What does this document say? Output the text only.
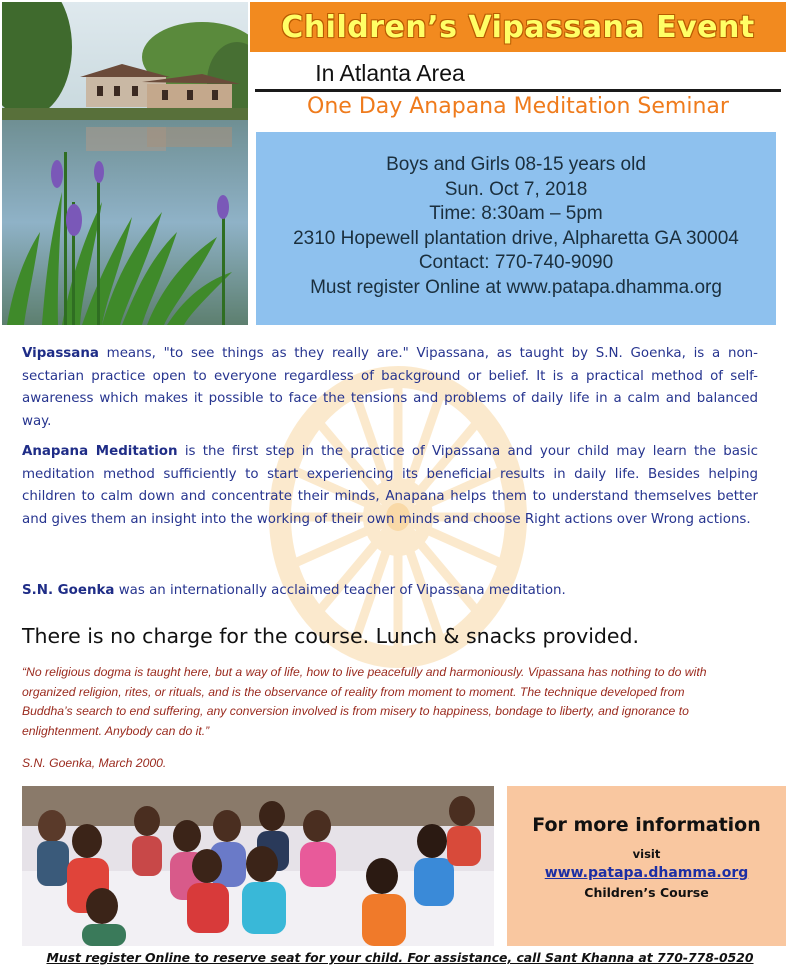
Children’s Vipassana Event
In Atlanta Area
One Day Anapana Meditation Seminar
Boys and Girls 08-15 years old
Sun. Oct 7, 2018
Time: 8:30am – 5pm
2310 Hopewell plantation drive, Alpharetta GA 30004
Contact: 770-740-9090
Must register Online at www.patapa.dhamma.org
Vipassana means, "to see things as they really are." Vipassana, as taught by S.N. Goenka, is a non-sectarian practice open to everyone regardless of background or belief. It is a practical method of self-awareness which makes it possible to face the tensions and problems of daily life in a calm and balanced way.
Anapana Meditation is the first step in the practice of Vipassana and your child may learn the basic meditation method sufficiently to start experiencing its beneficial results in daily life. Besides helping children to calm down and concentrate their minds, Anapana helps them to understand themselves better and gives them an insight into the working of their own minds and choose Right actions over Wrong actions.
S.N. Goenka was an internationally acclaimed teacher of Vipassana meditation.
There is no charge for the course. Lunch & snacks provided.
“No religious dogma is taught here, but a way of life, how to live peacefully and harmoniously. Vipassana has nothing to do with organized religion, rites, or rituals, and is the observance of reality from moment to moment. The technique developed from Buddha’s search to end suffering, any conversion involved is from misery to happiness, bondage to liberty, and ignorance to enlightenment. Anybody can do it.”
S.N. Goenka, March 2000.
For more information
visit
www.patapa.dhamma.org
Children’s Course
Must register Online to reserve seat for your child. For assistance, call Sant Khanna at 770-778-0520
